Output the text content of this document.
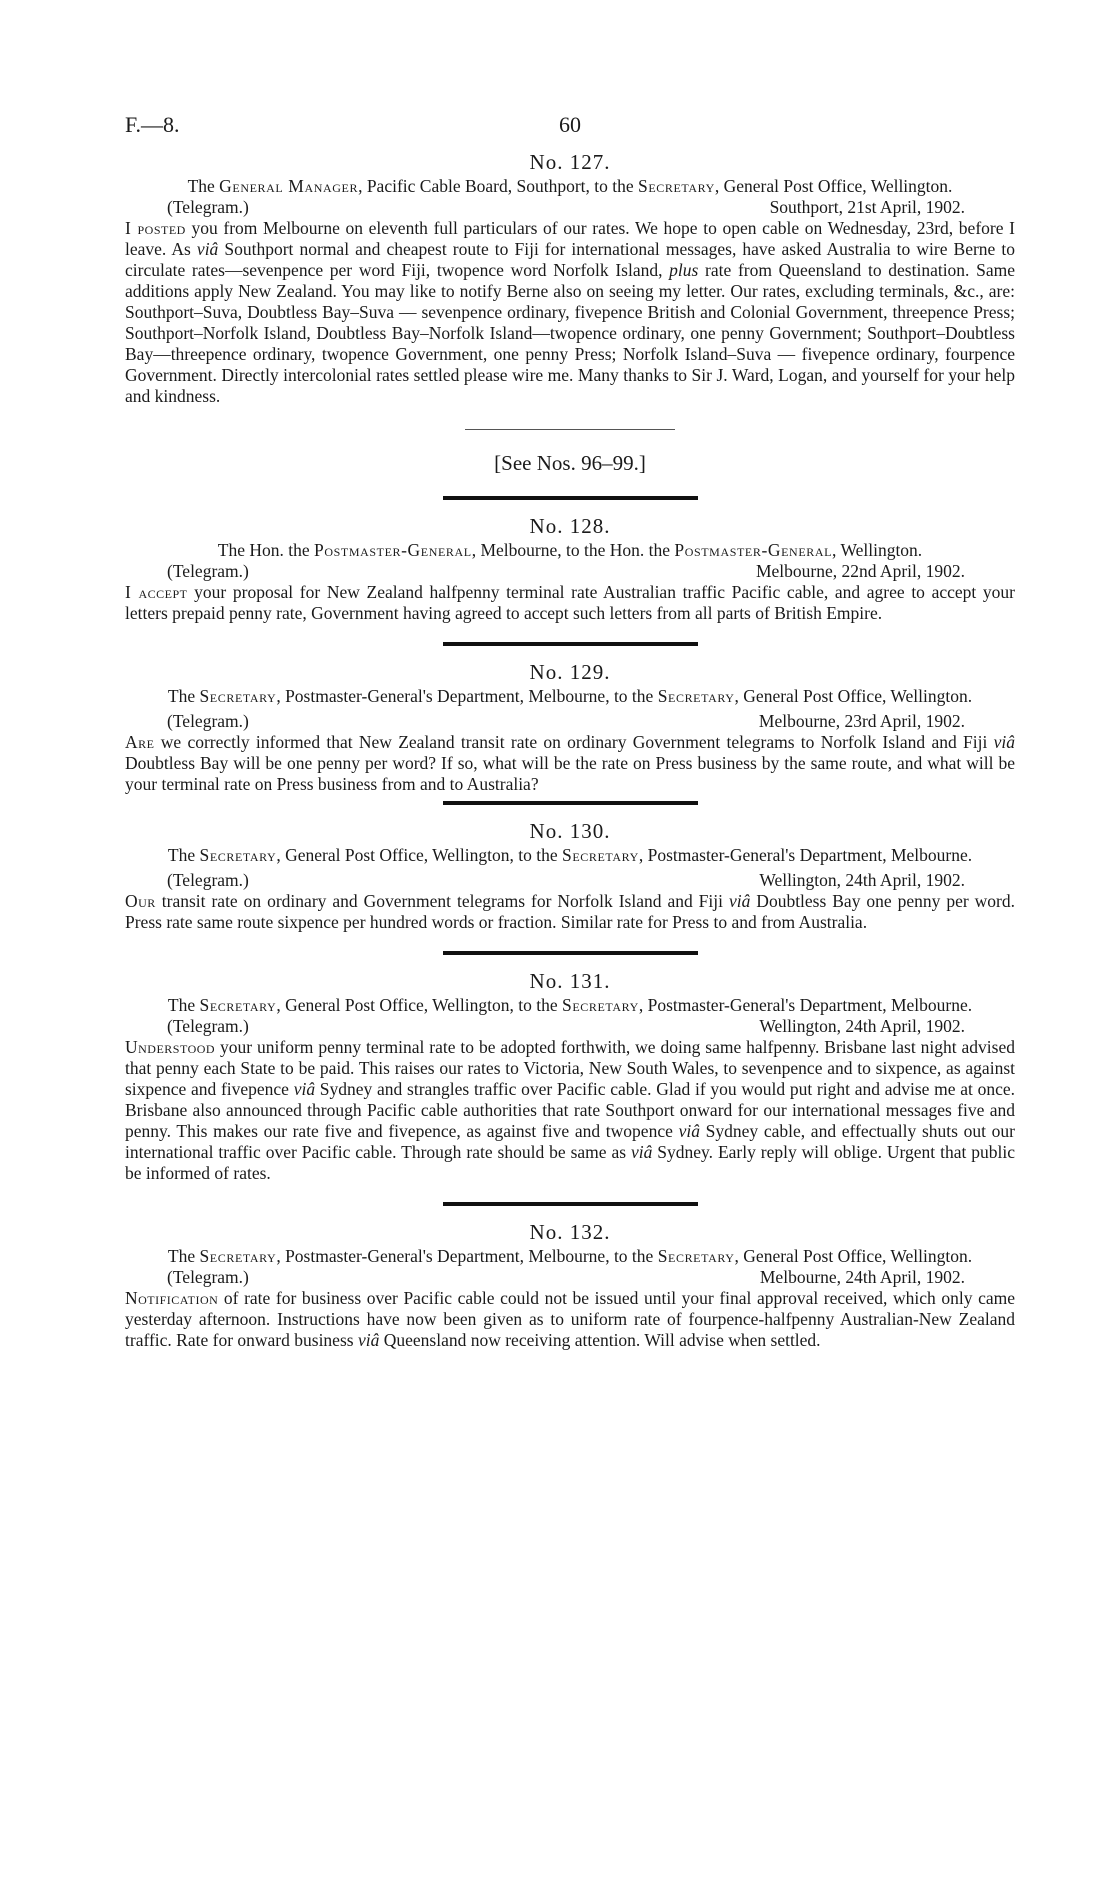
F.—8.	60

No. 127.

The General Manager, Pacific Cable Board, Southport, to the Secretary, General Post Office, Wellington.

(Telegram.)	Southport, 21st April, 1902.

I posted you from Melbourne on eleventh full particulars of our rates. We hope to open cable on Wednesday, 23rd, before I leave. As viâ Southport normal and cheapest route to Fiji for international messages, have asked Australia to wire Berne to circulate rates—sevenpence per word Fiji, twopence word Norfolk Island, plus rate from Queensland to destination. Same additions apply New Zealand. You may like to notify Berne also on seeing my letter. Our rates, excluding terminals, &c., are: Southport–Suva, Doubtless Bay–Suva — sevenpence ordinary, fivepence British and Colonial Government, threepence Press; Southport–Norfolk Island, Doubtless Bay–Norfolk Island—twopence ordinary, one penny Government; Southport–Doubtless Bay—threepence ordinary, twopence Government, one penny Press; Norfolk Island–Suva — fivepence ordinary, fourpence Government. Directly intercolonial rates settled please wire me. Many thanks to Sir J. Ward, Logan, and yourself for your help and kindness.

[See Nos. 96–99.]

No. 128.

The Hon. the Postmaster-General, Melbourne, to the Hon. the Postmaster-General, Wellington.

(Telegram.)	Melbourne, 22nd April, 1902.

I accept your proposal for New Zealand halfpenny terminal rate Australian traffic Pacific cable, and agree to accept your letters prepaid penny rate, Government having agreed to accept such letters from all parts of British Empire.

No. 129.

The Secretary, Postmaster-General's Department, Melbourne, to the Secretary, General Post Office, Wellington.

(Telegram.)	Melbourne, 23rd April, 1902.

Are we correctly informed that New Zealand transit rate on ordinary Government telegrams to Norfolk Island and Fiji viâ Doubtless Bay will be one penny per word? If so, what will be the rate on Press business by the same route, and what will be your terminal rate on Press business from and to Australia?

No. 130.

The Secretary, General Post Office, Wellington, to the Secretary, Postmaster-General's Department, Melbourne.

(Telegram.)	Wellington, 24th April, 1902.

Our transit rate on ordinary and Government telegrams for Norfolk Island and Fiji viâ Doubtless Bay one penny per word. Press rate same route sixpence per hundred words or fraction. Similar rate for Press to and from Australia.

No. 131.

The Secretary, General Post Office, Wellington, to the Secretary, Postmaster-General's Department, Melbourne.

(Telegram.)	Wellington, 24th April, 1902.

Understood your uniform penny terminal rate to be adopted forthwith, we doing same halfpenny. Brisbane last night advised that penny each State to be paid. This raises our rates to Victoria, New South Wales, to sevenpence and to sixpence, as against sixpence and fivepence viâ Sydney and strangles traffic over Pacific cable. Glad if you would put right and advise me at once. Brisbane also announced through Pacific cable authorities that rate Southport onward for our international messages five and penny. This makes our rate five and fivepence, as against five and twopence viâ Sydney cable, and effectually shuts out our international traffic over Pacific cable. Through rate should be same as viâ Sydney. Early reply will oblige. Urgent that public be informed of rates.

No. 132.

The Secretary, Postmaster-General's Department, Melbourne, to the Secretary, General Post Office, Wellington.

(Telegram.)	Melbourne, 24th April, 1902.

Notification of rate for business over Pacific cable could not be issued until your final approval received, which only came yesterday afternoon. Instructions have now been given as to uniform rate of fourpence-halfpenny Australian-New Zealand traffic. Rate for onward business viâ Queensland now receiving attention. Will advise when settled.
